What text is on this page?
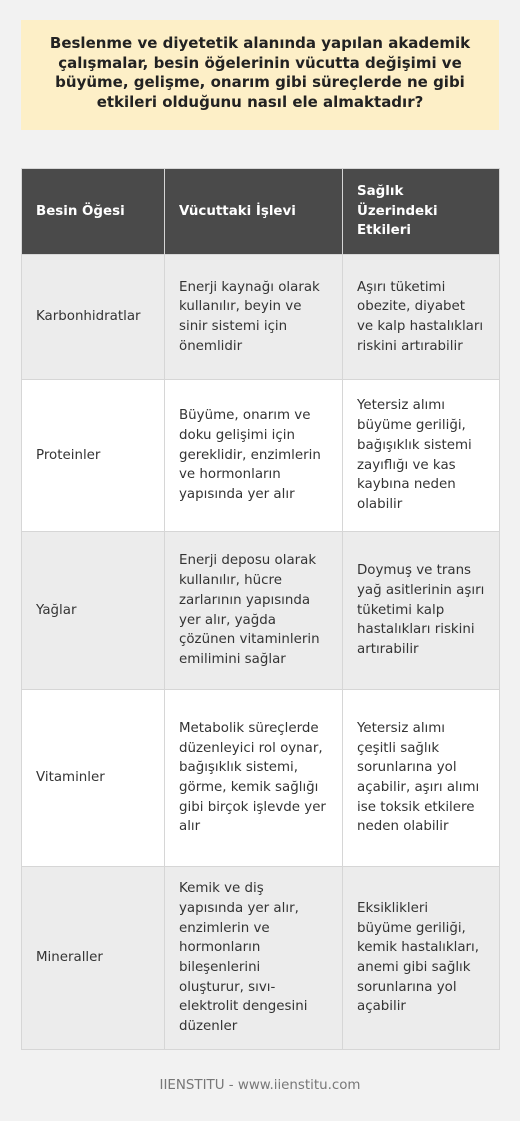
Beslenme ve diyetetik alanında yapılan akademik çalışmalar, besin öğelerinin vücutta değişimi ve büyüme, gelişme, onarım gibi süreçlerde ne gibi etkileri olduğunu nasıl ele almaktadır?
Besin Öğesi	Vücuttaki İşlevi	Sağlık Üzerindeki Etkileri
Karbonhidratlar	Enerji kaynağı olarak kullanılır, beyin ve sinir sistemi için önemlidir	Aşırı tüketimi obezite, diyabet ve kalp hastalıkları riskini artırabilir
Proteinler	Büyüme, onarım ve doku gelişimi için gereklidir, enzimlerin ve hormonların yapısında yer alır	Yetersiz alımı büyüme geriliği, bağışıklık sistemi zayıflığı ve kas kaybına neden olabilir
Yağlar	Enerji deposu olarak kullanılır, hücre zarlarının yapısında yer alır, yağda çözünen vitaminlerin emilimini sağlar	Doymuş ve trans yağ asitlerinin aşırı tüketimi kalp hastalıkları riskini artırabilir
Vitaminler	Metabolik süreçlerde düzenleyici rol oynar, bağışıklık sistemi, görme, kemik sağlığı gibi birçok işlevde yer alır	Yetersiz alımı çeşitli sağlık sorunlarına yol açabilir, aşırı alımı ise toksik etkilere neden olabilir
Mineraller	Kemik ve diş yapısında yer alır, enzimlerin ve hormonların bileşenlerini oluşturur, sıvı-elektrolit dengesini düzenler	Eksiklikleri büyüme geriliği, kemik hastalıkları, anemi gibi sağlık sorunlarına yol açabilir
IIENSTITU - www.iienstitu.com
